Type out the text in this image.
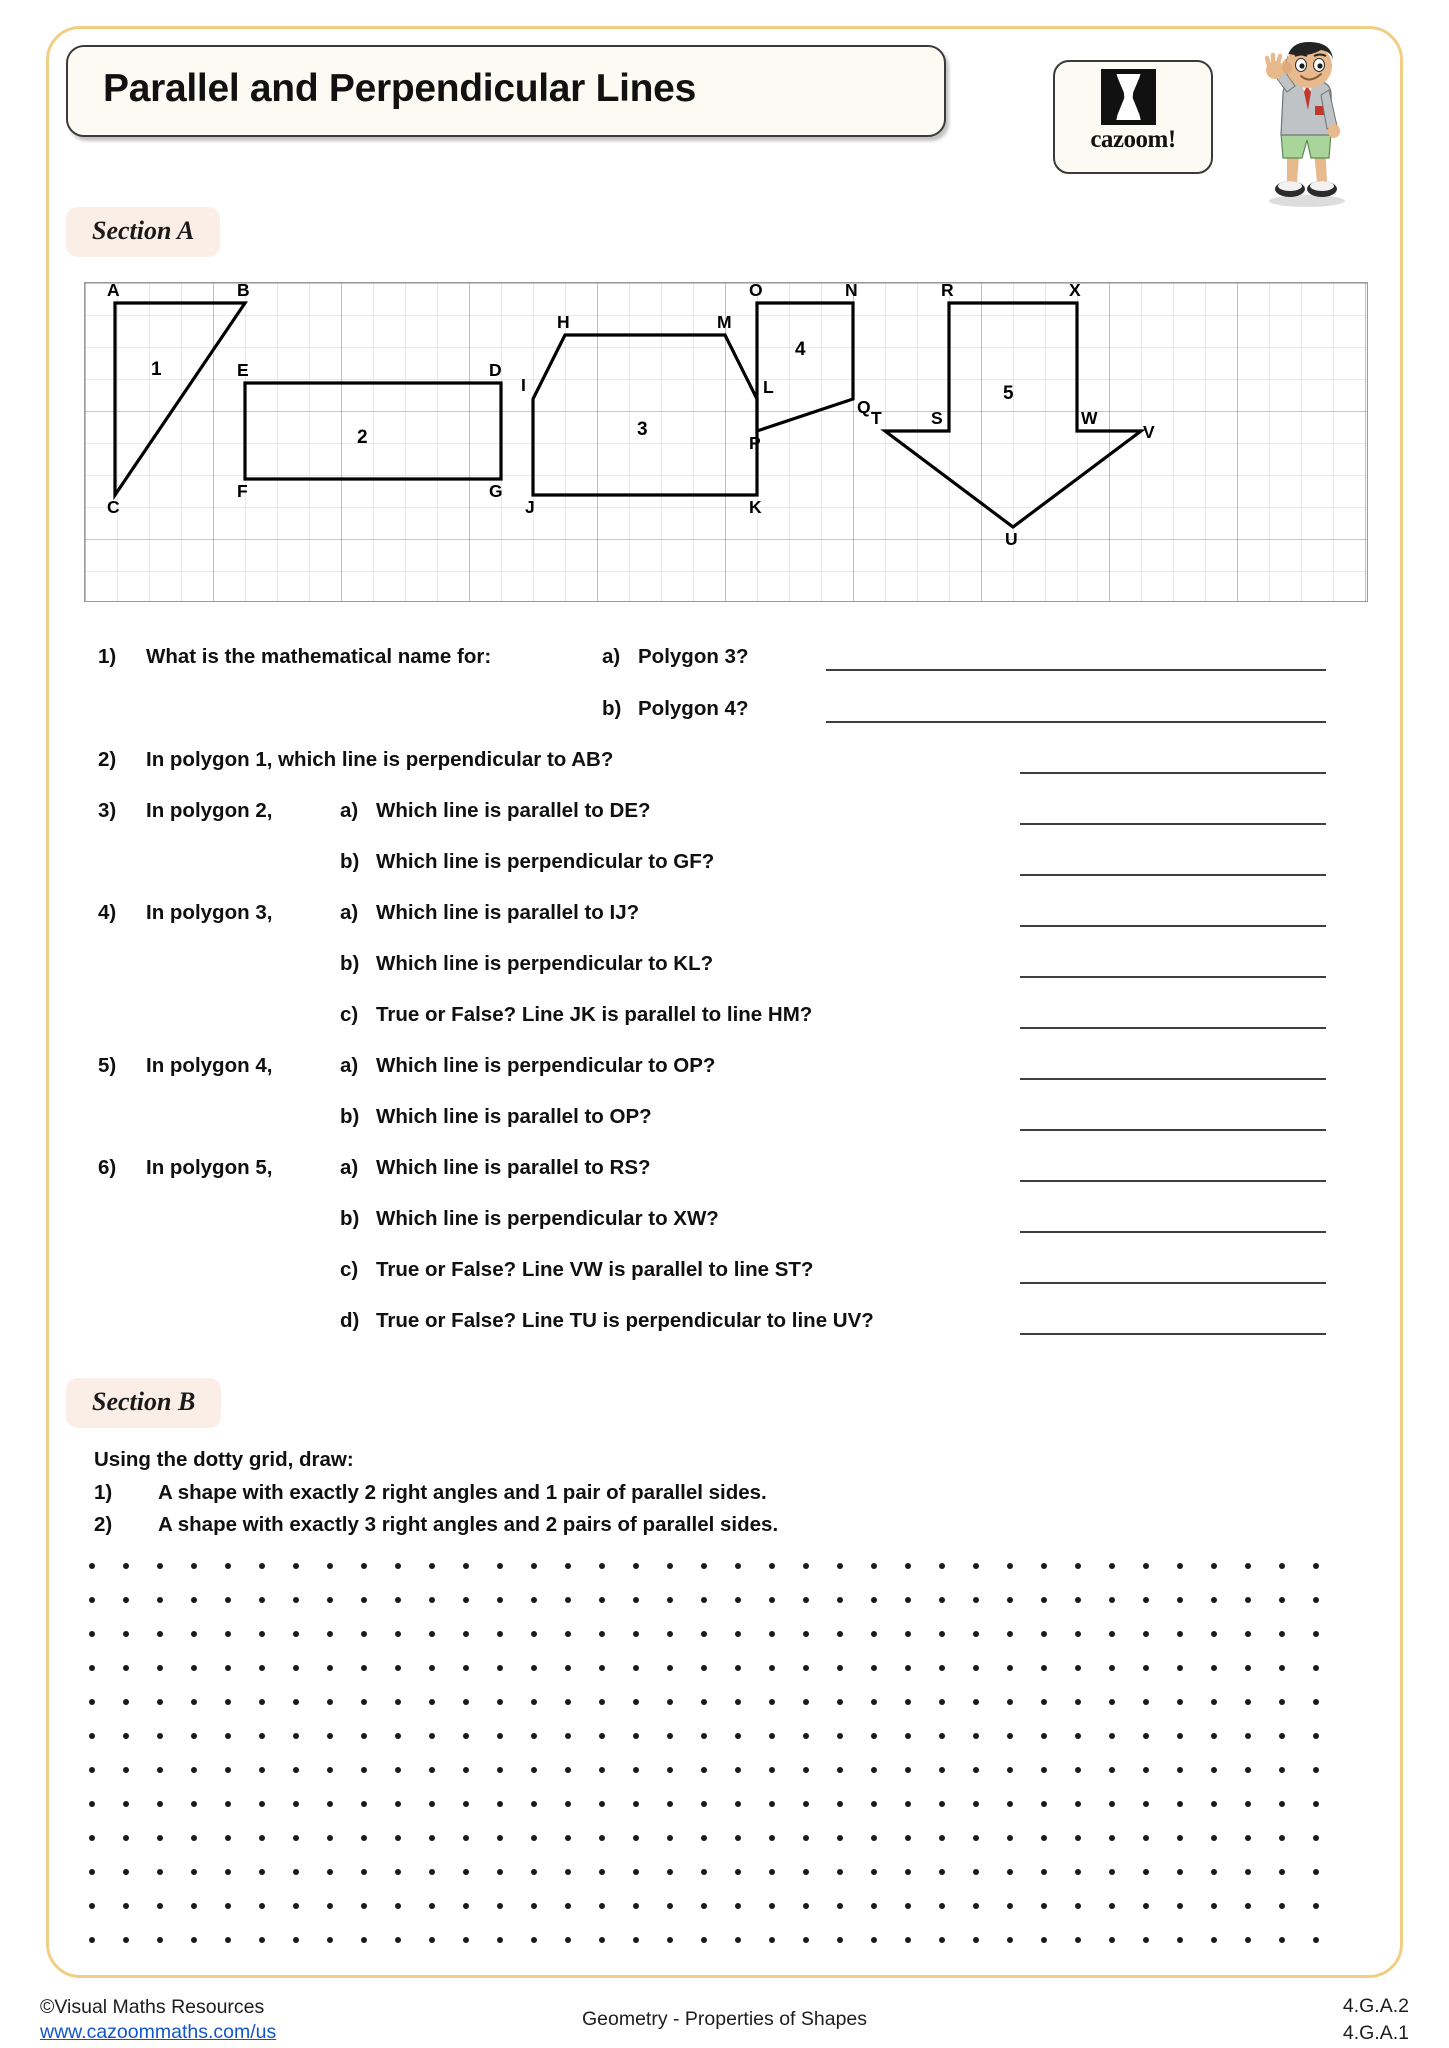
Parallel and Perpendicular Lines
cazoom!
Section A
A	B
C
D
E
F	G
H
I
J	K
L
M
N
O
P
Q
R
S
T
U
V
W
X
1
2	3
4
5
1) What is the mathematical name for:	a) Polygon 3?
b) Polygon 4?
2) In polygon 1, which line is perpendicular to AB?
3) In polygon 2,	a) Which line is parallel to DE?
b) Which line is perpendicular to GF?
4) In polygon 3,	a) Which line is parallel to IJ?
b) Which line is perpendicular to KL?
c) True or False? Line JK is parallel to line HM?
5) In polygon 4,	a) Which line is perpendicular to OP?
b) Which line is parallel to OP?
6) In polygon 5,	a) Which line is parallel to RS?
b) Which line is perpendicular to XW?
c) True or False? Line VW is parallel to line ST?
d) True or False? Line TU is perpendicular to line UV?
Section B
Using the dotty grid, draw:
1) A shape with exactly 2 right angles and 1 pair of parallel sides.
2) A shape with exactly 3 right angles and 2 pairs of parallel sides.
©Visual Maths Resources
www.cazoommaths.com/us
Geometry - Properties of Shapes
4.G.A.2
4.G.A.1
